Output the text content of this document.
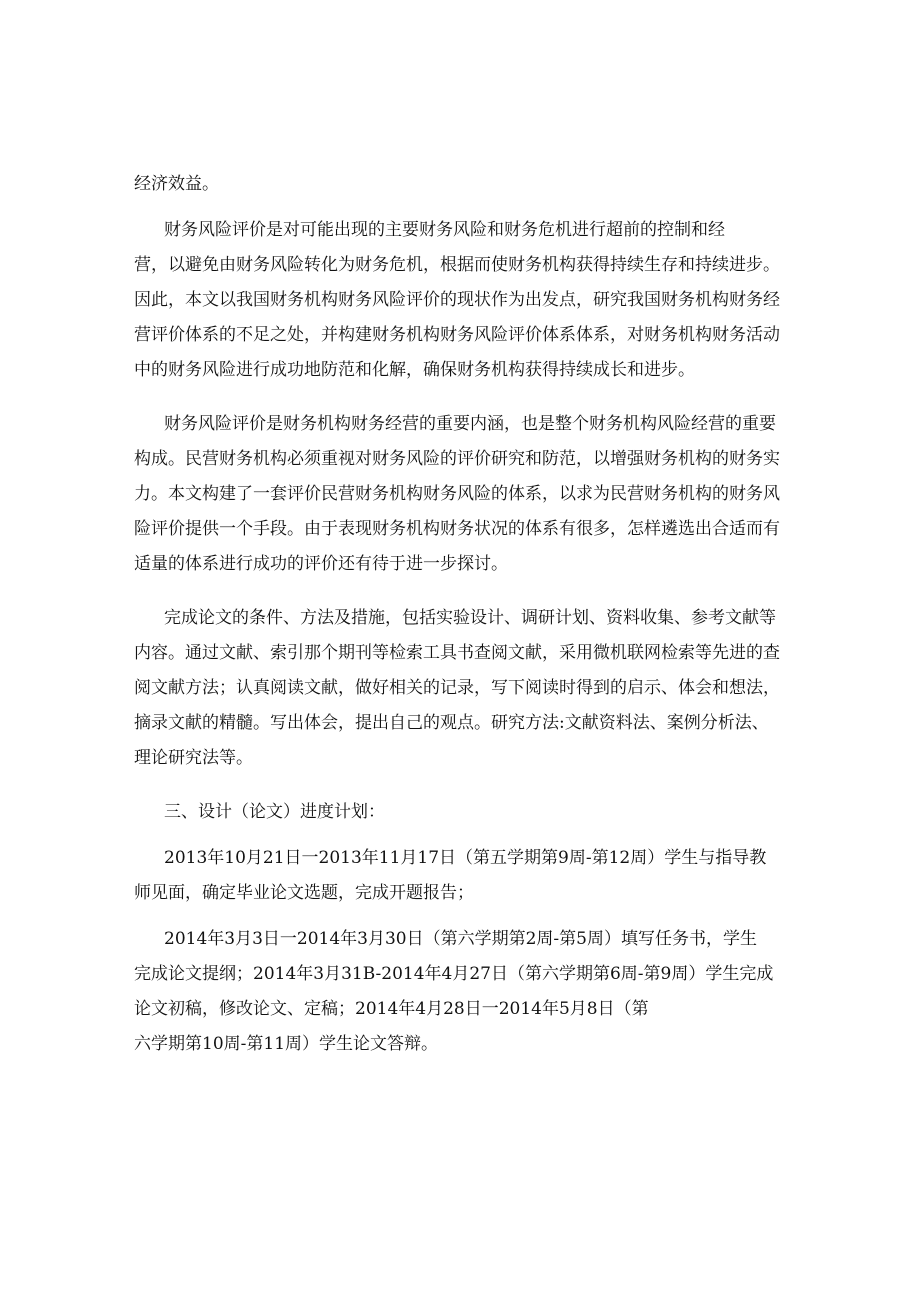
经济效益。
财务风险评价是对可能出现的主要财务风险和财务危机进行超前的控制和经
营，以避免由财务风险转化为财务危机，根据而使财务机构获得持续生存和持续进步。
因此，本文以我国财务机构财务风险评价的现状作为出发点，研究我国财务机构财务经
营评价体系的不足之处，并构建财务机构财务风险评价体系体系，对财务机构财务活动
中的财务风险进行成功地防范和化解，确保财务机构获得持续成长和进步。
财务风险评价是财务机构财务经营的重要内涵，也是整个财务机构风险经营的重要
构成。民营财务机构必须重视对财务风险的评价研究和防范，以增强财务机构的财务实
力。本文构建了一套评价民营财务机构财务风险的体系，以求为民营财务机构的财务风
险评价提供一个手段。由于表现财务机构财务状况的体系有很多，怎样遴选出合适而有
适量的体系进行成功的评价还有待于进一步探讨。
完成论文的条件、方法及措施，包括实验设计、调研计划、资料收集、参考文献等
内容。通过文献、索引那个期刊等检索工具书查阅文献，采用微机联网检索等先进的查
阅文献方法；认真阅读文献，做好相关的记录，写下阅读时得到的启示、体会和想法，
摘录文献的精髓。写出体会，提出自己的观点。研究方法:文献资料法、案例分析法、
理论研究法等。
三、设计（论文）进度计划：
2013年10月21日一2013年11月17日（第五学期第9周-第12周）学生与指导教
师见面，确定毕业论文选题，完成开题报告；
2014年3月3日一2014年3月30日（第六学期第2周-第5周）填写任务书，学生
完成论文提纲；2014年3月31B-2014年4月27日（第六学期第6周-第9周）学生完成
论文初稿，修改论文、定稿；2014年4月28日一2014年5月8日（第
六学期第10周-第11周）学生论文答辩。
